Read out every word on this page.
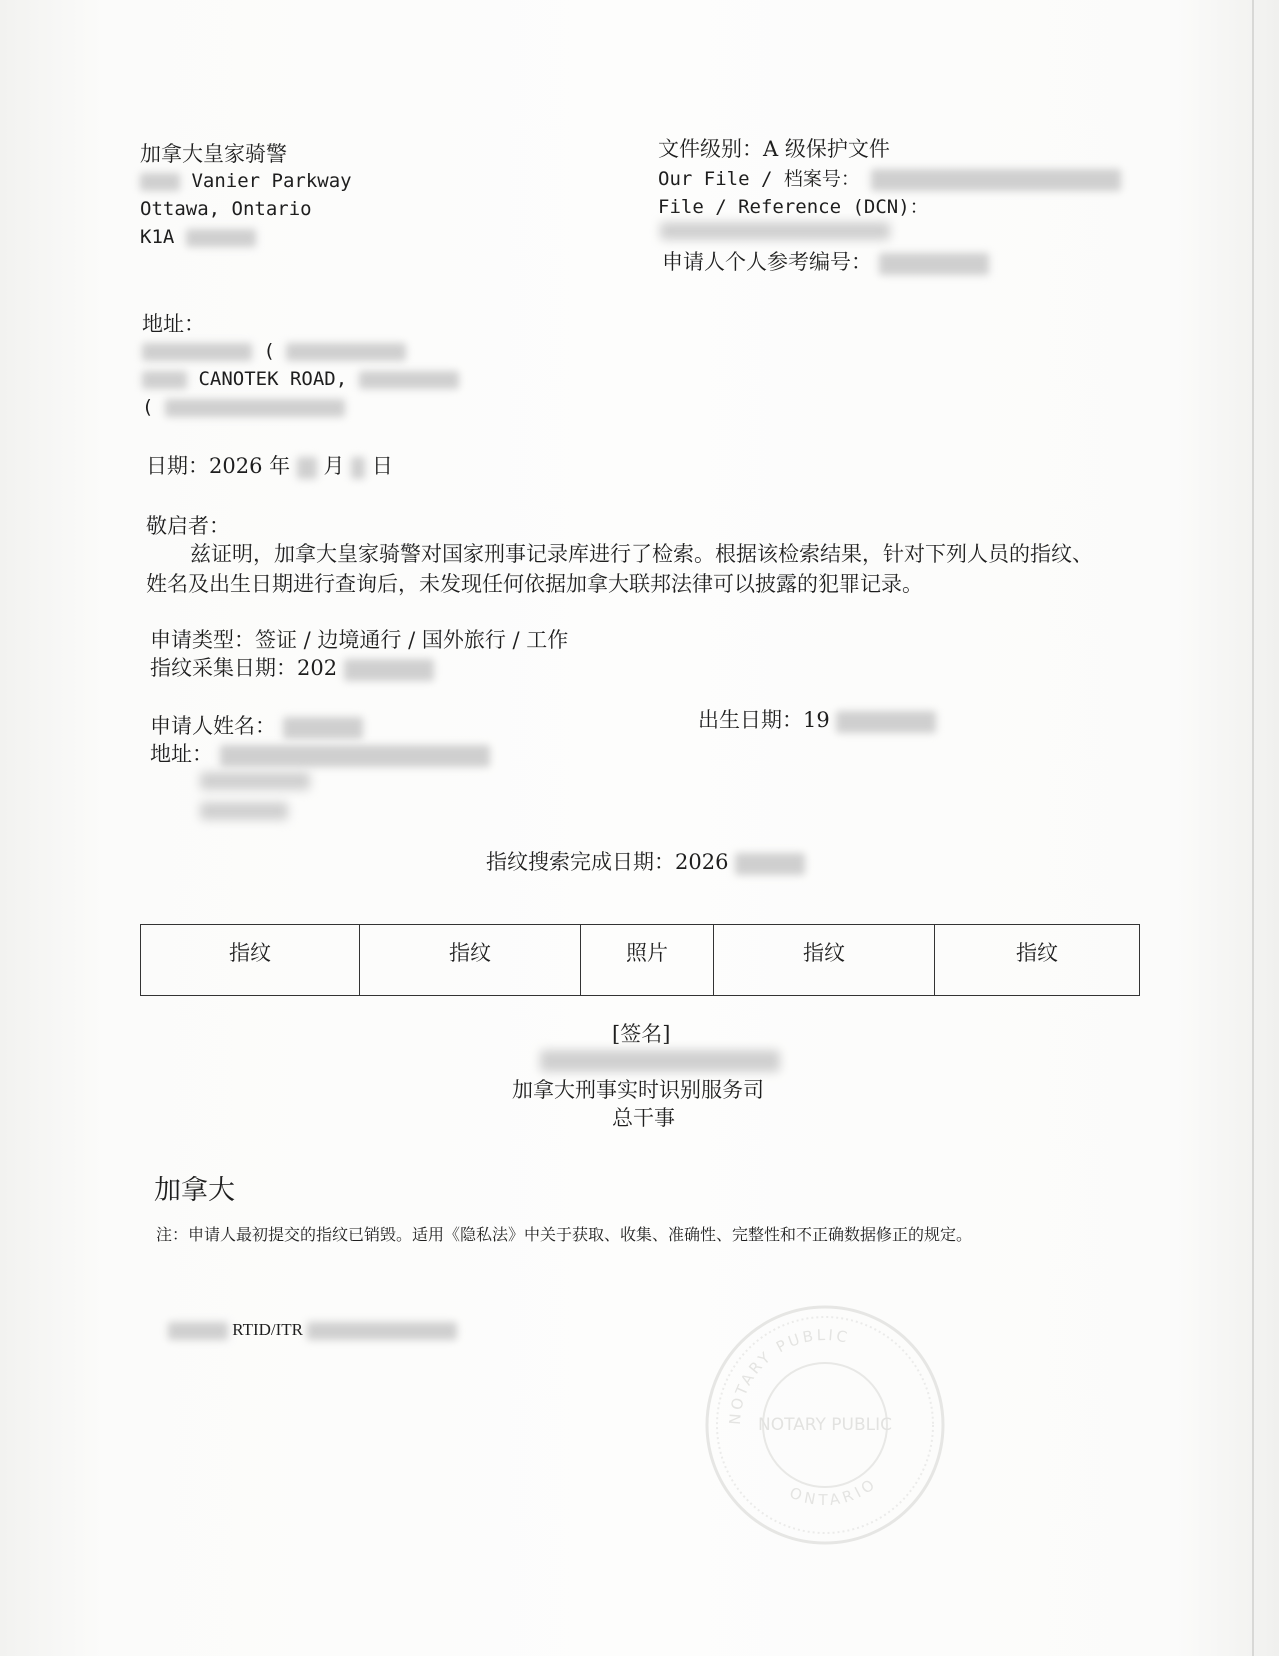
加拿大皇家骑警
Vanier Parkway
Ottawa, Ontario
K1A
文件级别：A 级保护文件
Our File / 档案号：
File / Reference (DCN)：
申请人个人参考编号：
地址：
(
CANOTEK ROAD,
(
日期：2026 年 月 日
敬启者：
兹证明，加拿大皇家骑警对国家刑事记录库进行了检索。根据该检索结果，针对下列人员的指纹、
姓名及出生日期进行查询后，未发现任何依据加拿大联邦法律可以披露的犯罪记录。
申请类型：签证 / 边境通行 / 国外旅行 / 工作
指纹采集日期：202
申请人姓名：	出生日期：19
地址：
指纹搜索完成日期：2026
指纹	指纹	照片	指纹	指纹
[签名]
加拿大刑事实时识别服务司
总干事
加拿大
注：申请人最初提交的指纹已销毁。适用《隐私法》中关于获取、收集、准确性、完整性和不正确数据修正的规定。
RTID/ITR
NOTARY PUBLIC
NOTARY PUBLIC
ONTARIO
